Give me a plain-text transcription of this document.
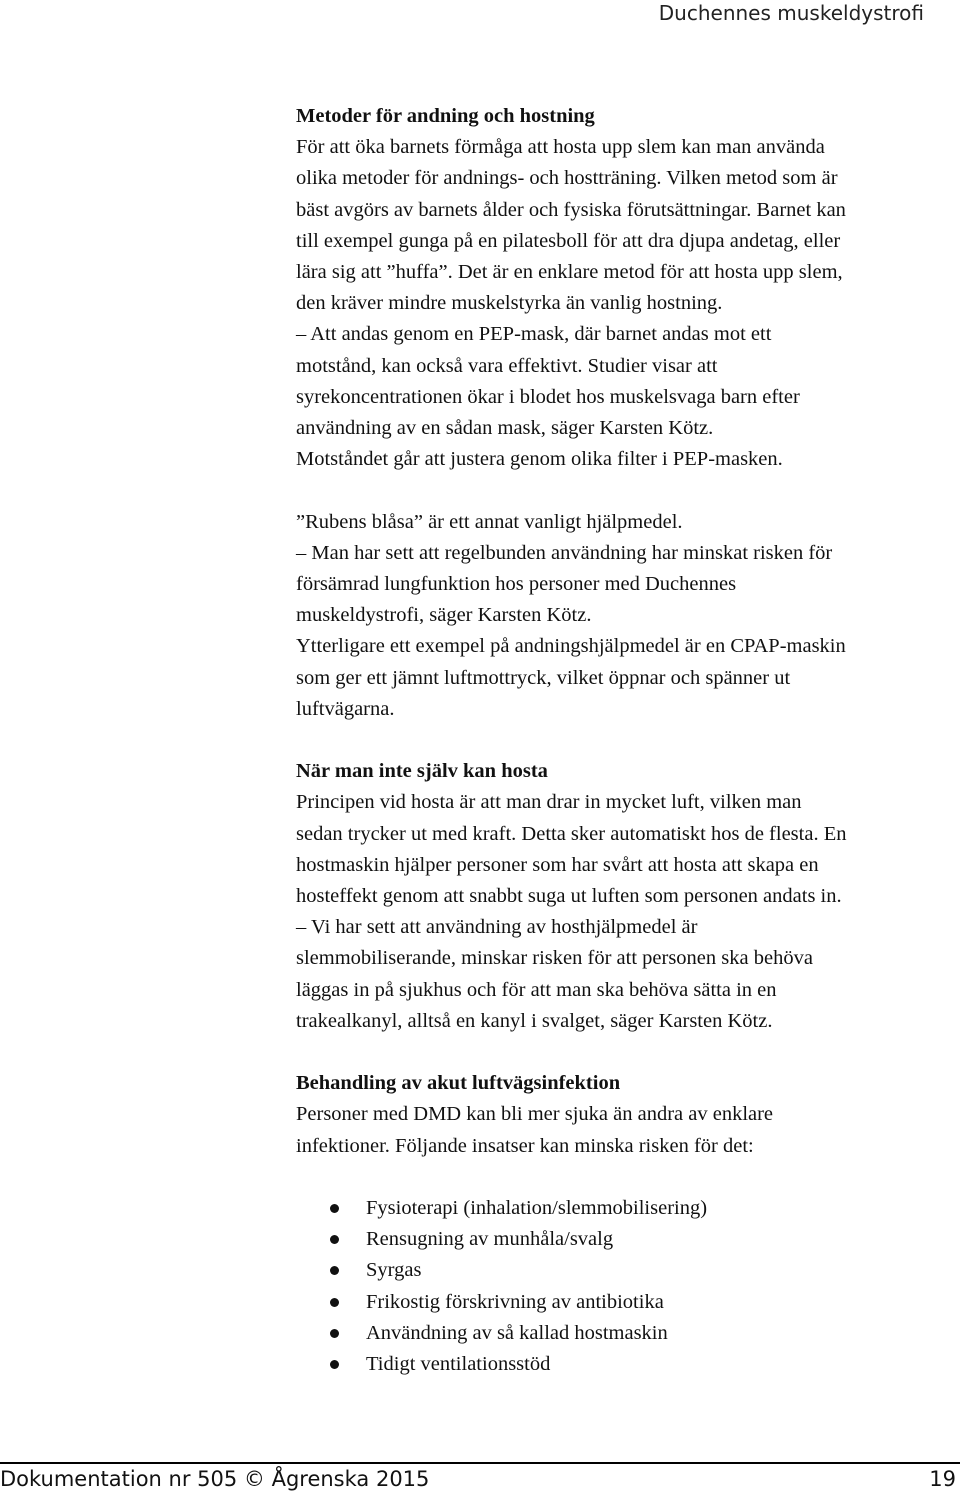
Duchennes muskeldystrofi

Metoder för andning och hostning

För att öka barnets förmåga att hosta upp slem kan man använda

olika metoder för andnings- och hostträning. Vilken metod som är

bäst avgörs av barnets ålder och fysiska förutsättningar. Barnet kan

till exempel gunga på en pilatesboll för att dra djupa andetag, eller

lära sig att ”huffa”. Det är en enklare metod för att hosta upp slem,

den kräver mindre muskelstyrka än vanlig hostning.

– Att andas genom en PEP-mask, där barnet andas mot ett

motstånd, kan också vara effektivt. Studier visar att

syrekoncentrationen ökar i blodet hos muskelsvaga barn efter

användning av en sådan mask, säger Karsten Kötz.

Motståndet går att justera genom olika filter i PEP-masken.

”Rubens blåsa” är ett annat vanligt hjälpmedel.

– Man har sett att regelbunden användning har minskat risken för

försämrad lungfunktion hos personer med Duchennes

muskeldystrofi, säger Karsten Kötz.

Ytterligare ett exempel på andningshjälpmedel är en CPAP-maskin

som ger ett jämnt luftmottryck, vilket öppnar och spänner ut

luftvägarna.

När man inte själv kan hosta

Principen vid hosta är att man drar in mycket luft, vilken man

sedan trycker ut med kraft. Detta sker automatiskt hos de flesta. En

hostmaskin hjälper personer som har svårt att hosta att skapa en

hosteffekt genom att snabbt suga ut luften som personen andats in.

– Vi har sett att användning av hosthjälpmedel är

slemmobiliserande, minskar risken för att personen ska behöva

läggas in på sjukhus och för att man ska behöva sätta in en

trakealkanyl, alltså en kanyl i svalget, säger Karsten Kötz.

Behandling av akut luftvägsinfektion

Personer med DMD kan bli mer sjuka än andra av enklare

infektioner. Följande insatser kan minska risken för det:

Fysioterapi (inhalation/slemmobilisering)
Rensugning av munhåla/svalg
Syrgas
Frikostig förskrivning av antibiotika
Användning av så kallad hostmaskin
Tidigt ventilationsstöd
Dokumentation nr 505 © Ågrenska 2015	19
